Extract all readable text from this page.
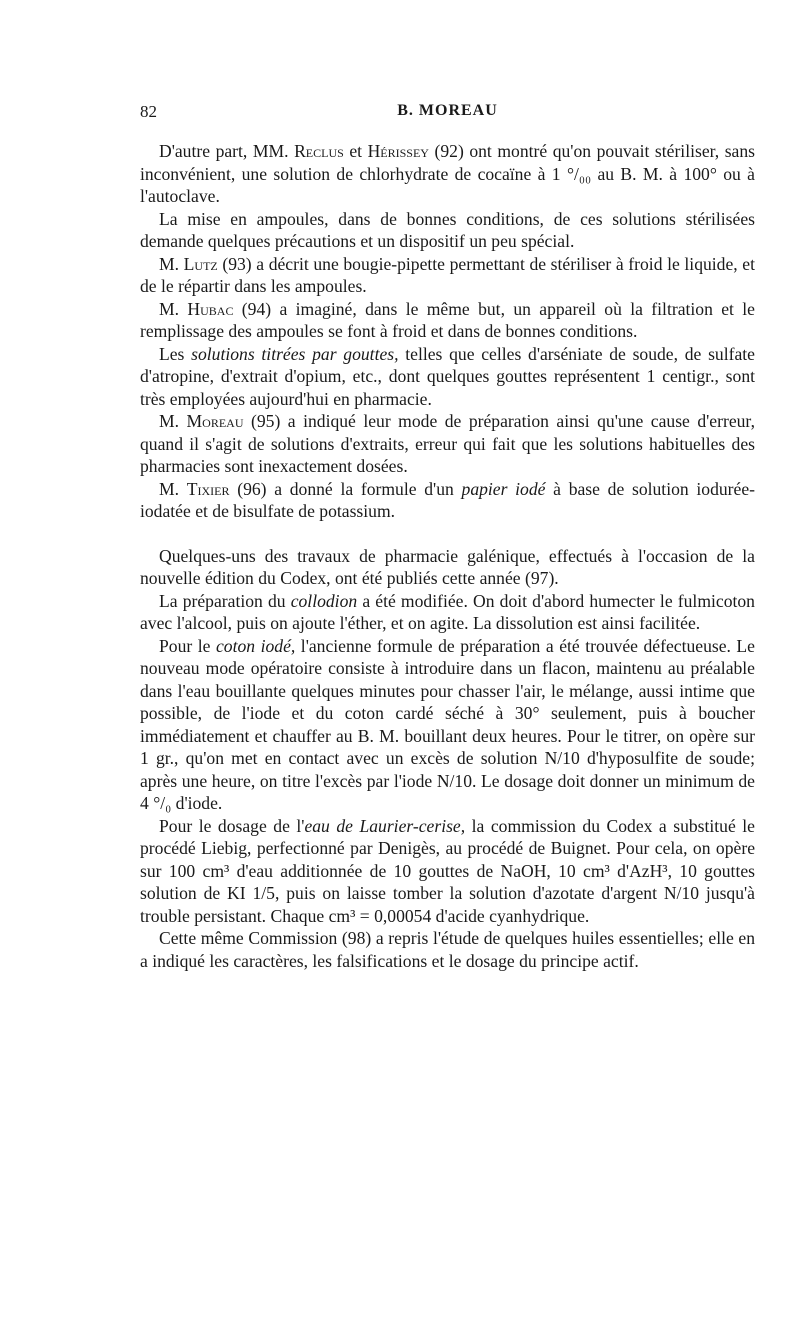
82	B. MOREAU

D'autre part, MM. Reclus et Hérissey (92) ont montré qu'on pouvait stériliser, sans inconvénient, une solution de chlorhydrate de cocaïne à 1 °/₀₀ au B. M. à 100° ou à l'autoclave.

La mise en ampoules, dans de bonnes conditions, de ces solutions stérilisées demande quelques précautions et un dispositif un peu spécial.

M. Lutz (93) a décrit une bougie-pipette permettant de stériliser à froid le liquide, et de le répartir dans les ampoules.

M. Hubac (94) a imaginé, dans le même but, un appareil où la filtration et le remplissage des ampoules se font à froid et dans de bonnes conditions.

Les solutions titrées par gouttes, telles que celles d'arséniate de soude, de sulfate d'atropine, d'extrait d'opium, etc., dont quelques gouttes représentent 1 centigr., sont très employées aujourd'hui en pharmacie.

M. Moreau (95) a indiqué leur mode de préparation ainsi qu'une cause d'erreur, quand il s'agit de solutions d'extraits, erreur qui fait que les solutions habituelles des pharmacies sont inexactement dosées.

M. Tixier (96) a donné la formule d'un papier iodé à base de solution iodurée-iodatée et de bisulfate de potassium.

Quelques-uns des travaux de pharmacie galénique, effectués à l'occasion de la nouvelle édition du Codex, ont été publiés cette année (97).

La préparation du collodion a été modifiée. On doit d'abord humecter le fulmicoton avec l'alcool, puis on ajoute l'éther, et on agite. La dissolution est ainsi facilitée.

Pour le coton iodé, l'ancienne formule de préparation a été trouvée défectueuse. Le nouveau mode opératoire consiste à introduire dans un flacon, maintenu au préalable dans l'eau bouillante quelques minutes pour chasser l'air, le mélange, aussi intime que possible, de l'iode et du coton cardé séché à 30° seulement, puis à boucher immédiatement et chauffer au B. M. bouillant deux heures. Pour le titrer, on opère sur 1 gr., qu'on met en contact avec un excès de solution N/10 d'hyposulfite de soude; après une heure, on titre l'excès par l'iode N/10. Le dosage doit donner un minimum de 4 °/₀ d'iode.

Pour le dosage de l'eau de Laurier-cerise, la commission du Codex a substitué le procédé Liebig, perfectionné par Denigès, au procédé de Buignet. Pour cela, on opère sur 100 cm³ d'eau additionnée de 10 gouttes de NaOH, 10 cm³ d'AzH³, 10 gouttes solution de KI 1/5, puis on laisse tomber la solution d'azotate d'argent N/10 jusqu'à trouble persistant. Chaque cm³ = 0,00054 d'acide cyanhydrique.

Cette même Commission (98) a repris l'étude de quelques huiles essentielles; elle en a indiqué les caractères, les falsifications et le dosage du principe actif.
